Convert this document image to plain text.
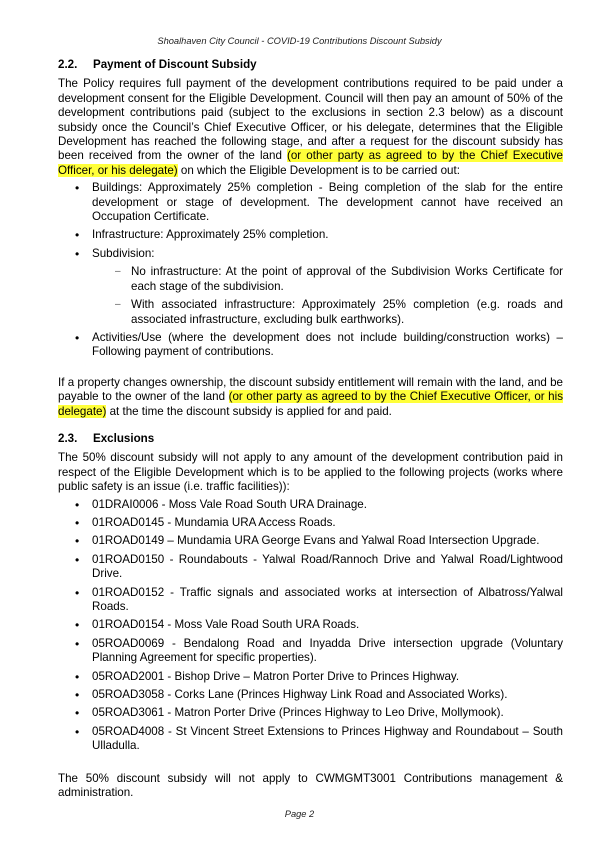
Shoalhaven City Council - COVID-19 Contributions Discount Subsidy
2.2. Payment of Discount Subsidy

The Policy requires full payment of the development contributions required to be paid under a development consent for the Eligible Development. Council will then pay an amount of 50% of the development contributions paid (subject to the exclusions in section 2.3 below) as a discount subsidy once the Council’s Chief Executive Officer, or his delegate, determines that the Eligible Development has reached the following stage, and after a request for the discount subsidy has been received from the owner of the land (or other party as agreed to by the Chief Executive Officer, or his delegate) on which the Eligible Development is to be carried out:

• Buildings: Approximately 25% completion - Being completion of the slab for the entire development or stage of development. The development cannot have received an Occupation Certificate.
• Infrastructure: Approximately 25% completion.
• Subdivision:
– No infrastructure: At the point of approval of the Subdivision Works Certificate for each stage of the subdivision.
– With associated infrastructure: Approximately 25% completion (e.g. roads and associated infrastructure, excluding bulk earthworks).
• Activities/Use (where the development does not include building/construction works) – Following payment of contributions.

If a property changes ownership, the discount subsidy entitlement will remain with the land, and be payable to the owner of the land (or other party as agreed to by the Chief Executive Officer, or his delegate) at the time the discount subsidy is applied for and paid.

2.3. Exclusions

The 50% discount subsidy will not apply to any amount of the development contribution paid in respect of the Eligible Development which is to be applied to the following projects (works where public safety is an issue (i.e. traffic facilities)):

• 01DRAI0006 - Moss Vale Road South URA Drainage.
• 01ROAD0145 - Mundamia URA Access Roads.
• 01ROAD0149 – Mundamia URA George Evans and Yalwal Road Intersection Upgrade.
• 01ROAD0150 - Roundabouts - Yalwal Road/Rannoch Drive and Yalwal Road/Lightwood Drive.
• 01ROAD0152 - Traffic signals and associated works at intersection of Albatross/Yalwal Roads.
• 01ROAD0154 - Moss Vale Road South URA Roads.
• 05ROAD0069 - Bendalong Road and Inyadda Drive intersection upgrade (Voluntary Planning Agreement for specific properties).
• 05ROAD2001 - Bishop Drive – Matron Porter Drive to Princes Highway.
• 05ROAD3058 - Corks Lane (Princes Highway Link Road and Associated Works).
• 05ROAD3061 - Matron Porter Drive (Princes Highway to Leo Drive, Mollymook).
• 05ROAD4008 - St Vincent Street Extensions to Princes Highway and Roundabout – South Ulladulla.

The 50% discount subsidy will not apply to CWMGMT3001 Contributions management & administration.

Page 2
